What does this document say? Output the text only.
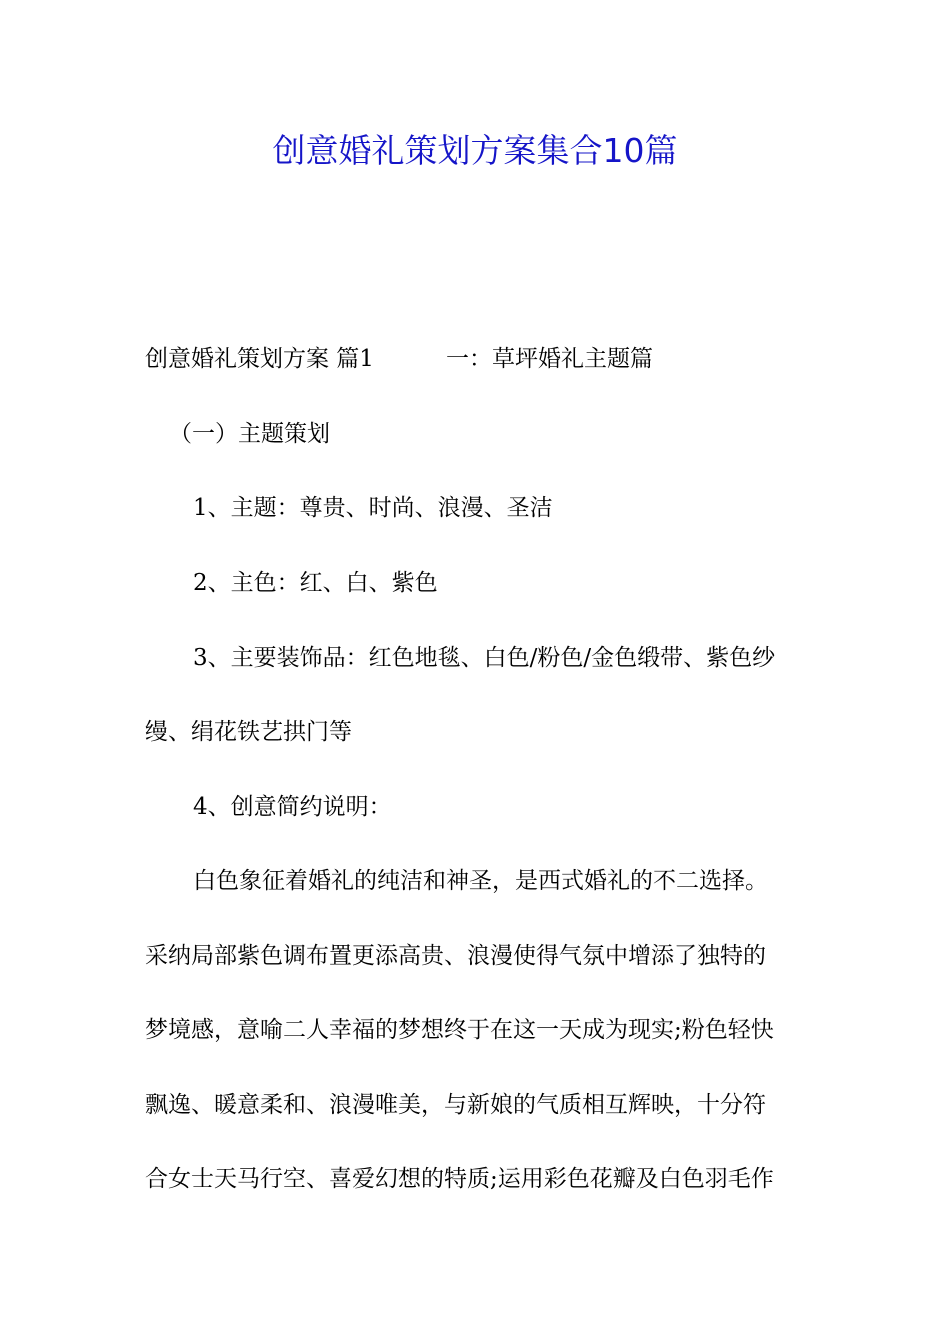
创意婚礼策划方案集合10篇

创意婚礼策划方案 篇1	一：草坪婚礼主题篇

（一）主题策划

1、主题：尊贵、时尚、浪漫、圣洁

2、主色：红、白、紫色

3、主要装饰品：红色地毯、白色/粉色/金色缎带、紫色纱

缦、绢花铁艺拱门等

4、创意简约说明：

白色象征着婚礼的纯洁和神圣，是西式婚礼的不二选择。

采纳局部紫色调布置更添高贵、浪漫使得气氛中增添了独特的

梦境感，意喻二人幸福的梦想终于在这一天成为现实;粉色轻快

飘逸、暖意柔和、浪漫唯美，与新娘的气质相互辉映，十分符

合女士天马行空、喜爱幻想的特质;运用彩色花瓣及白色羽毛作
